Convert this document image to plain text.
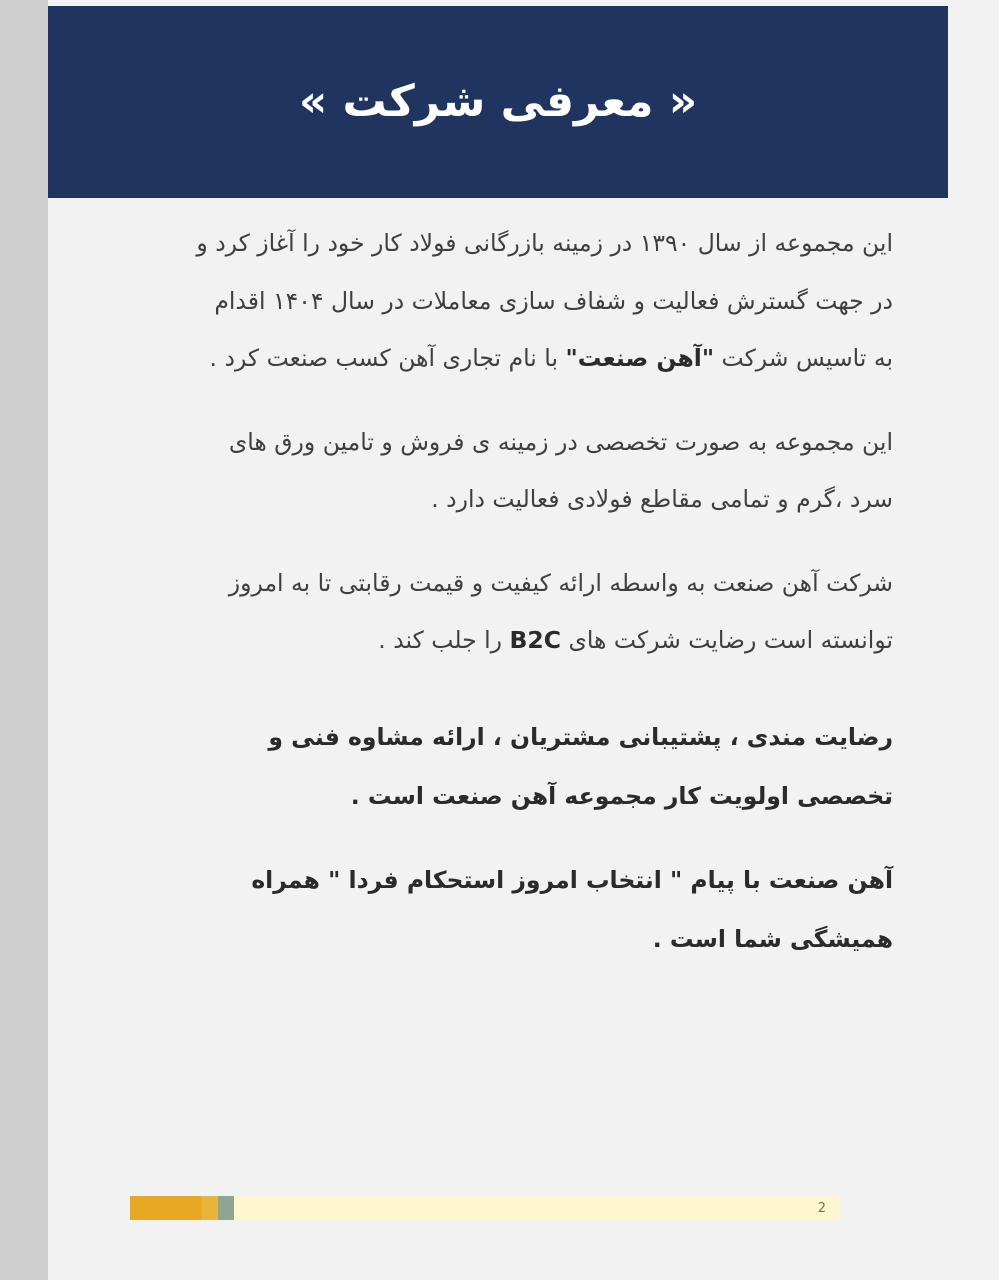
« معرفی شرکت »

این مجموعه از سال ۱۳۹۰ در زمینه بازرگانی فولاد کار خود را آغاز کرد و در جهت گسترش فعالیت و شفاف سازی معاملات در سال ۱۴۰۴ اقدام به تاسیس شرکت "آهن صنعت" با نام تجاری آهن کسب صنعت کرد .

این مجموعه به صورت تخصصی در زمینه ی فروش و تامین ورق های سرد ،گرم و تمامی مقاطع فولادی فعالیت دارد .

شرکت آهن صنعت به واسطه ارائه کیفیت و قیمت رقابتی تا به امروز توانسته است رضایت شرکت های B2C را جلب کند .

رضایت مندی ، پشتیبانی مشتریان ، ارائه مشاوه فنی و تخصصی اولویت کار مجموعه آهن صنعت است .

آهن صنعت با پیام " انتخاب امروز استحکام فردا " همراه همیشگی شما است .

2
